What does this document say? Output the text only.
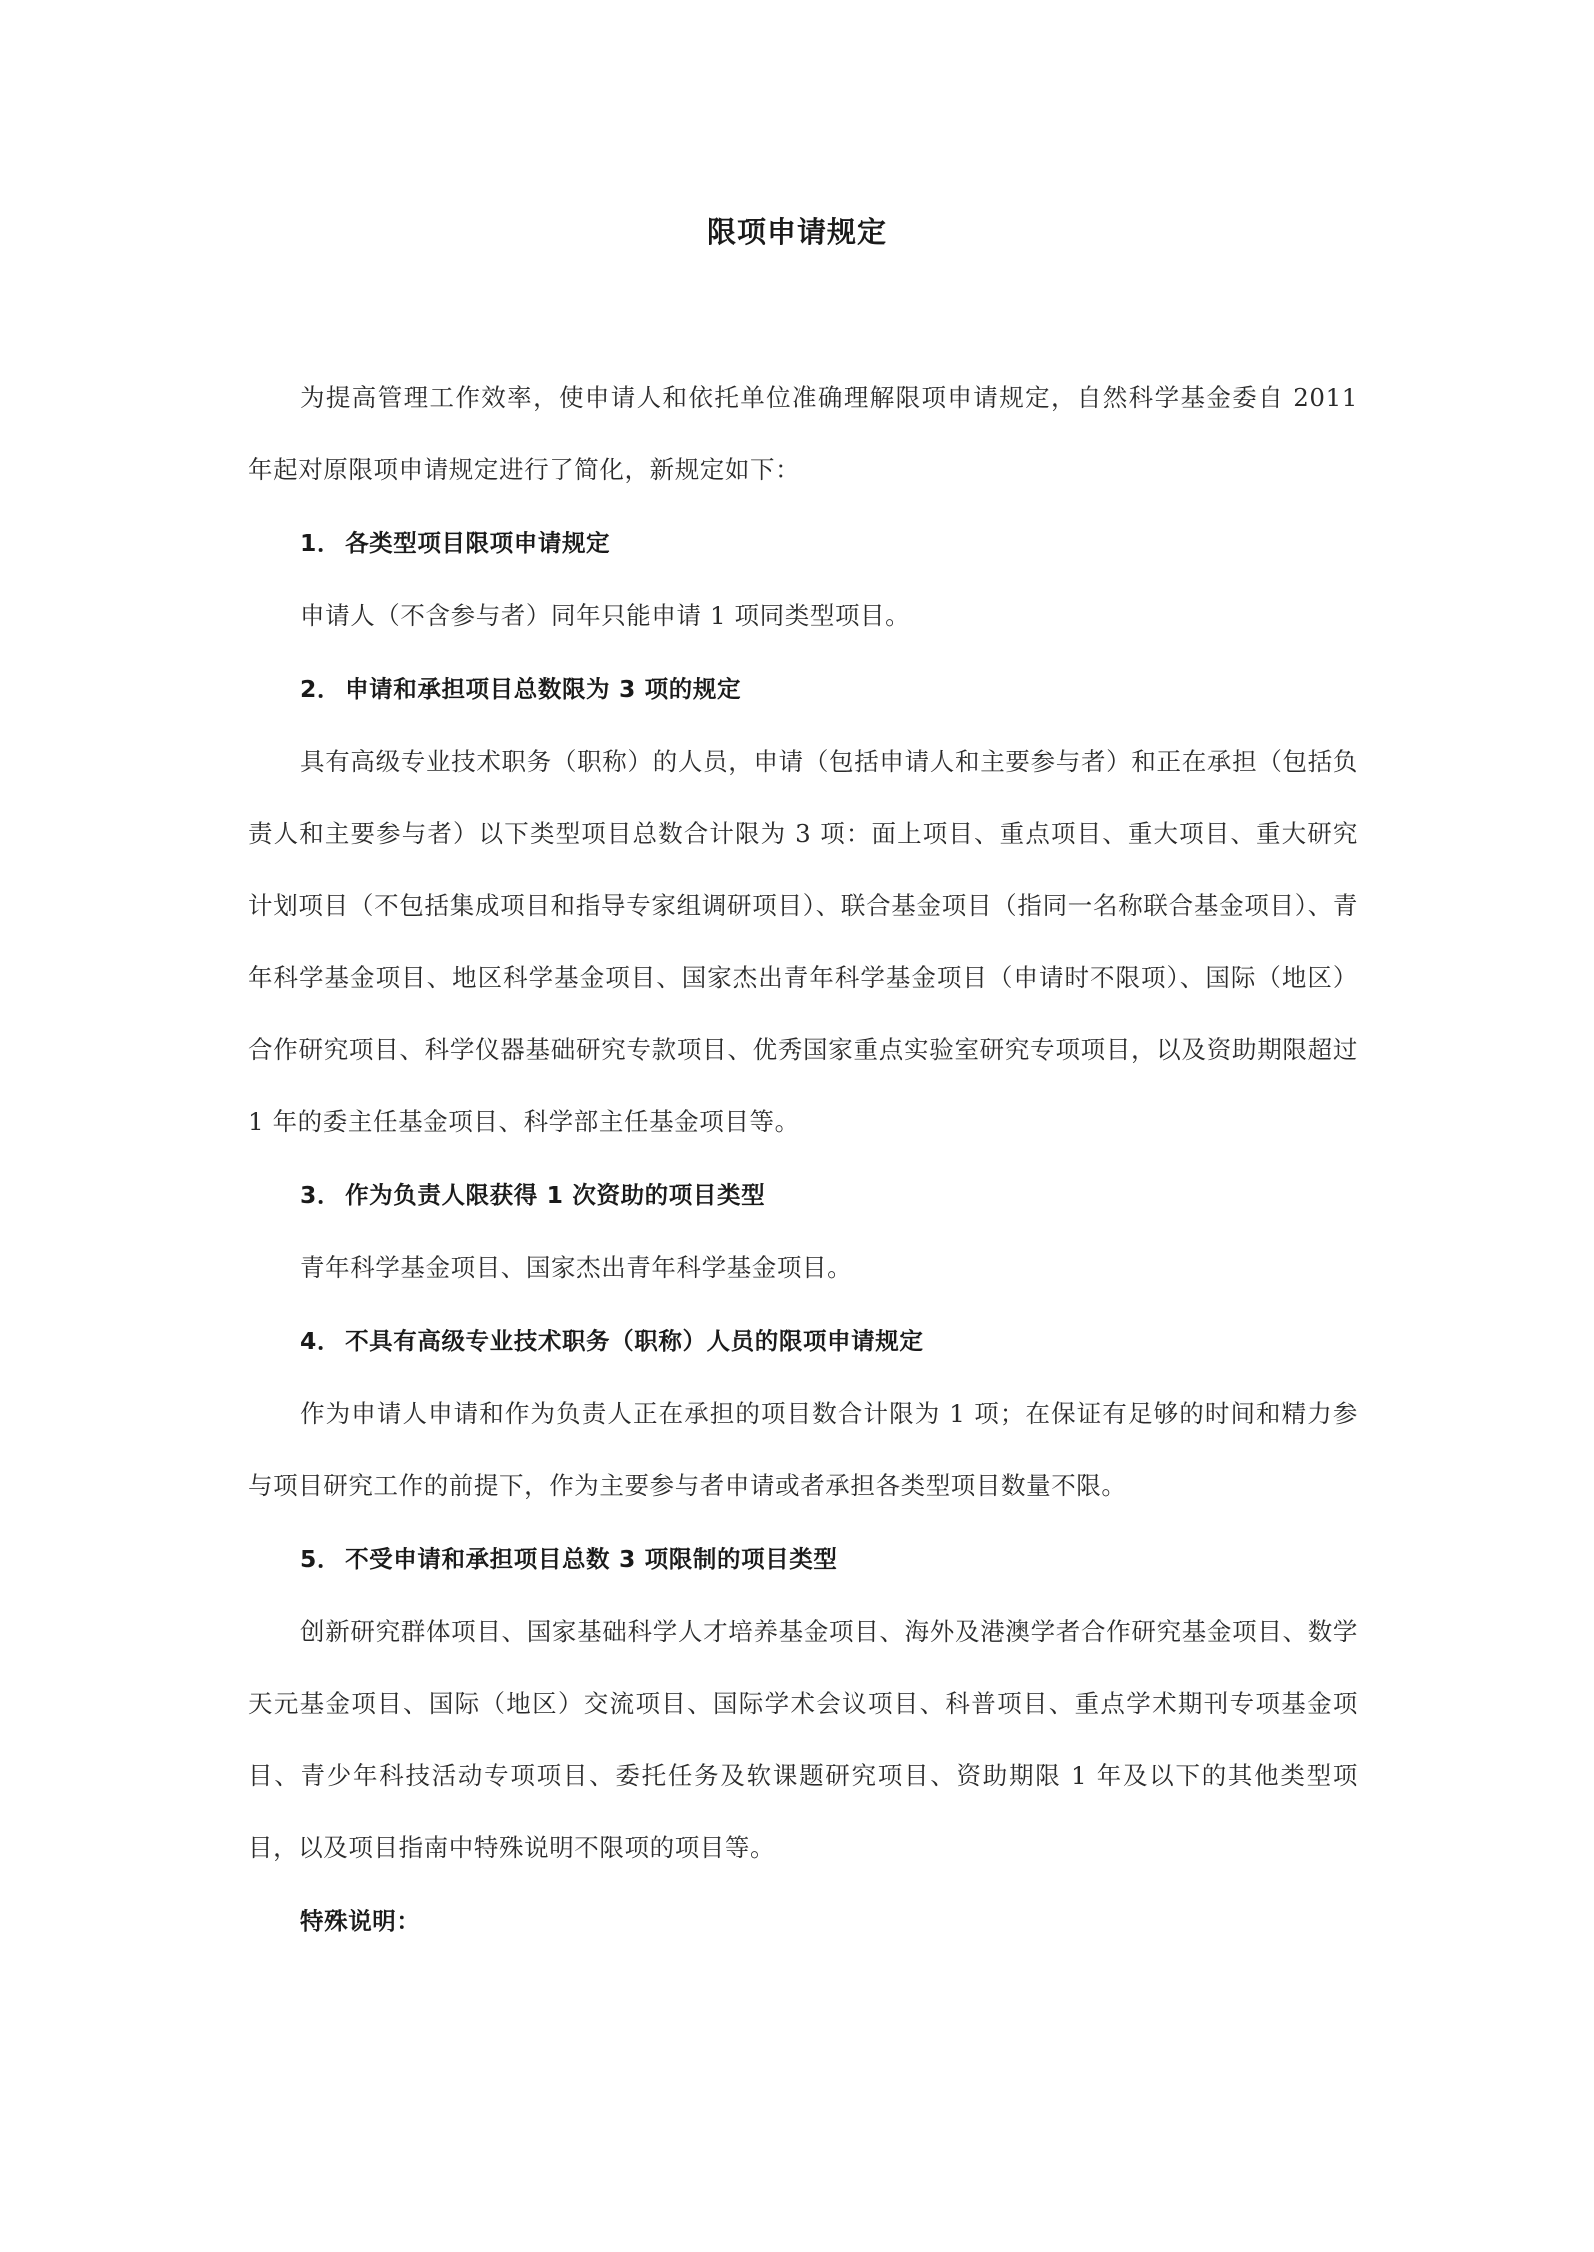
限项申请规定

为提高管理工作效率，使申请人和依托单位准确理解限项申请规定，自然科学基金委自 2011 年起对原限项申请规定进行了简化，新规定如下：

1． 各类型项目限项申请规定

申请人（不含参与者）同年只能申请 1 项同类型项目。

2． 申请和承担项目总数限为 3 项的规定

具有高级专业技术职务（职称）的人员，申请（包括申请人和主要参与者）和正在承担（包括负责人和主要参与者）以下类型项目总数合计限为 3 项：面上项目、重点项目、重大项目、重大研究计划项目（不包括集成项目和指导专家组调研项目）、联合基金项目（指同一名称联合基金项目）、青年科学基金项目、地区科学基金项目、国家杰出青年科学基金项目（申请时不限项）、国际（地区）合作研究项目、科学仪器基础研究专款项目、优秀国家重点实验室研究专项项目，以及资助期限超过 1 年的委主任基金项目、科学部主任基金项目等。

3． 作为负责人限获得 1 次资助的项目类型

青年科学基金项目、国家杰出青年科学基金项目。

4． 不具有高级专业技术职务（职称）人员的限项申请规定

作为申请人申请和作为负责人正在承担的项目数合计限为 1 项；在保证有足够的时间和精力参与项目研究工作的前提下，作为主要参与者申请或者承担各类型项目数量不限。

5． 不受申请和承担项目总数 3 项限制的项目类型

创新研究群体项目、国家基础科学人才培养基金项目、海外及港澳学者合作研究基金项目、数学天元基金项目、国际（地区）交流项目、国际学术会议项目、科普项目、重点学术期刊专项基金项目、青少年科技活动专项项目、委托任务及软课题研究项目、资助期限 1 年及以下的其他类型项目，以及项目指南中特殊说明不限项的项目等。

特殊说明：
